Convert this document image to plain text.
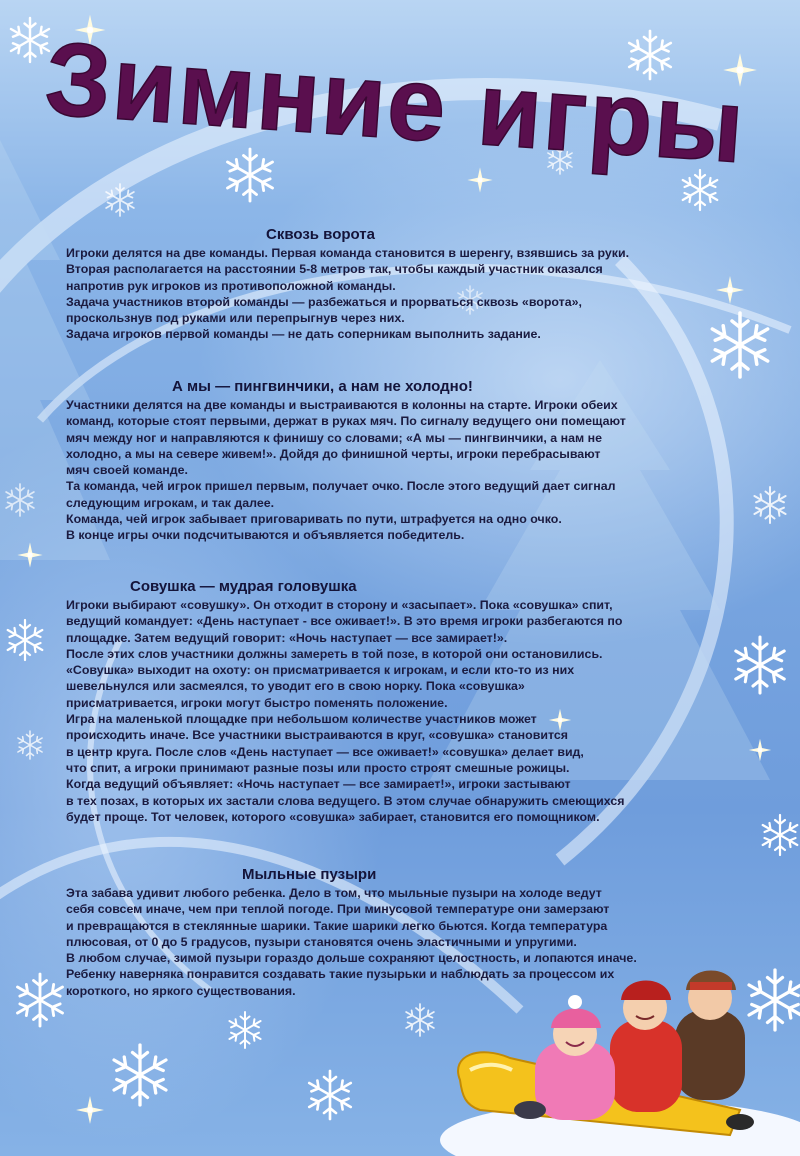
Зимние игры
Сквозь ворота

Игроки делятся на две команды. Первая команда становится в шеренгу, взявшись за руки.

Вторая располагается на расстоянии 5-8 метров так, чтобы каждый участник оказался

напротив рук игроков из противоположной команды.

Задача участников второй команды — разбежаться и прорваться сквозь «ворота»,

проскользнув под руками или перепрыгнув через них.

Задача игроков первой команды — не дать соперникам выполнить задание.

А мы — пингвинчики, а нам не холодно!

Участники делятся на две команды и выстраиваются в колонны на старте. Игроки обеих

команд, которые стоят первыми, держат в руках мяч. По сигналу ведущего они помещают

мяч между ног и направляются к финишу со словами; «А мы — пингвинчики, а нам не

холодно, а мы на севере живем!». Дойдя до финишной черты, игроки перебрасывают

мяч своей команде.

Та команда, чей игрок пришел первым, получает очко. После этого ведущий дает сигнал

следующим игрокам, и так далее.

Команда, чей игрок забывает приговаривать по пути, штрафуется на одно очко.

В конце игры очки подсчитываются и объявляется победитель.

Совушка — мудрая головушка

Игроки выбирают «совушку». Он отходит в сторону и «засыпает». Пока «совушка» спит,

ведущий командует: «День наступает - все оживает!». В это время игроки разбегаются по

площадке. Затем ведущий говорит: «Ночь наступает — все замирает!».

После этих слов участники должны замереть в той позе, в которой они остановились.

«Совушка» выходит на охоту: он присматривается к игрокам, и если кто-то из них

шевельнулся или засмеялся, то уводит его в свою норку. Пока «совушка»

присматривается, игроки могут быстро поменять положение.

Игра на маленькой площадке при небольшом количестве участников может

происходить иначе. Все участники выстраиваются в круг, «совушка» становится

в центр круга. После слов «День наступает — все оживает!» «совушка» делает вид,

что спит, а игроки принимают разные позы или просто строят смешные рожицы.

Когда ведущий объявляет: «Ночь наступает — все замирает!», игроки застывают

в тех позах, в которых их застали слова ведущего. В этом случае обнаружить смеющихся

будет проще. Тот человек, которого «совушка» забирает, становится его помощником.

Мыльные пузыри

Эта забава удивит любого ребенка. Дело в том, что мыльные пузыри на холоде ведут

себя совсем иначе, чем при теплой погоде. При минусовой температуре они замерзают

и превращаются в стеклянные шарики. Такие шарики легко бьются. Когда температура

плюсовая, от 0 до 5 градусов, пузыри становятся очень эластичными и упругими.

В любом случае, зимой пузыри гораздо дольше сохраняют целостность, и лопаются иначе.

Ребенку наверняка понравится создавать такие пузырьки и наблюдать за процессом их

короткого, но яркого существования.
